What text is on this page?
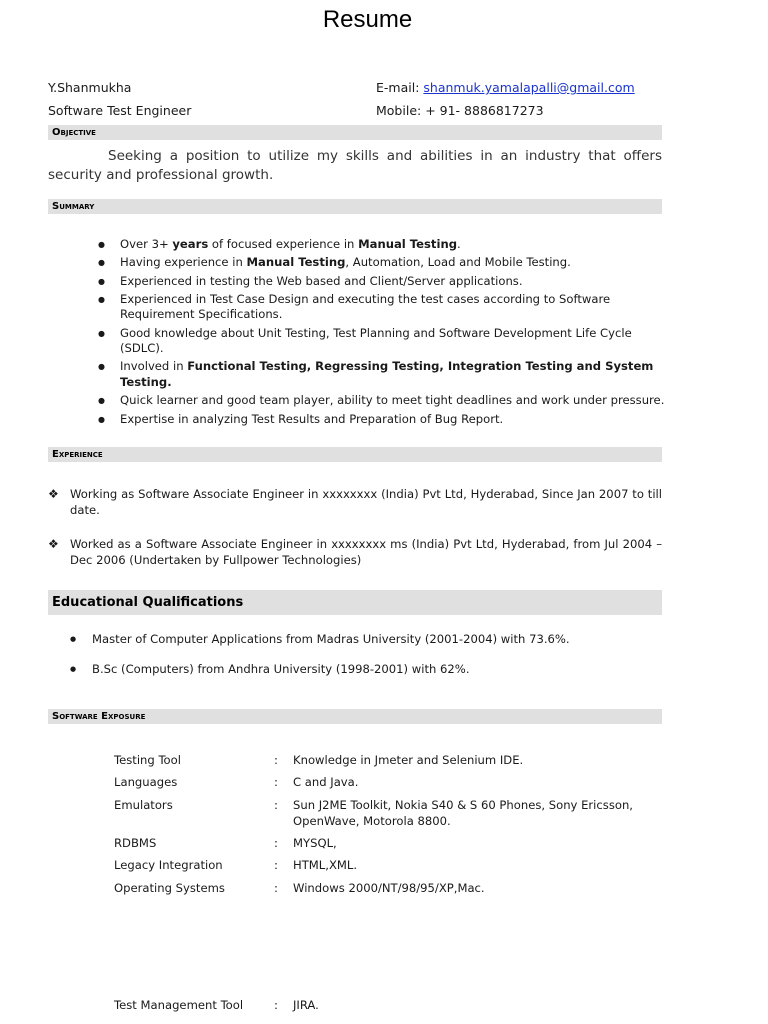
Resume
Y.Shanmukha
Software Test Engineer
E-mail: shanmuk.yamalapalli@gmail.com
Mobile: + 91- 8886817273
Objective
Seeking a position to utilize my skills and abilities in an industry that offers security and professional growth.
Summary
● Over 3+ years of focused experience in Manual Testing.
● Having experience in Manual Testing, Automation, Load and Mobile Testing.
● Experienced in testing the Web based and Client/Server applications.
● Experienced in Test Case Design and executing the test cases according to Software Requirement Specifications.
● Good knowledge about Unit Testing, Test Planning and Software Development Life Cycle (SDLC).
● Involved in Functional Testing, Regressing Testing, Integration Testing and System Testing.
● Quick learner and good team player, ability to meet tight deadlines and work under pressure.
● Expertise in analyzing Test Results and Preparation of Bug Report.
Experience
❖ Working as Software Associate Engineer in xxxxxxxx (India) Pvt Ltd, Hyderabad, Since Jan 2007 to till date.
❖ Worked as a Software Associate Engineer in xxxxxxxx ms (India) Pvt Ltd, Hyderabad, from Jul 2004 – Dec 2006 (Undertaken by Fullpower Technologies)
Educational Qualifications
● Master of Computer Applications from Madras University (2001-2004) with 73.6%.
● B.Sc (Computers) from Andhra University (1998-2001) with 62%.
Software Exposure
Testing Tool	:	Knowledge in Jmeter and Selenium IDE.
Languages	:	C and Java.
Emulators	:	Sun J2ME Toolkit, Nokia S40 & S 60 Phones, Sony Ericsson, OpenWave, Motorola 8800.
RDBMS	:	MYSQL,
Legacy Integration	:	HTML,XML.
Operating Systems	:	Windows 2000/NT/98/95/XP,Mac.
Test Management Tool	:	JIRA.
